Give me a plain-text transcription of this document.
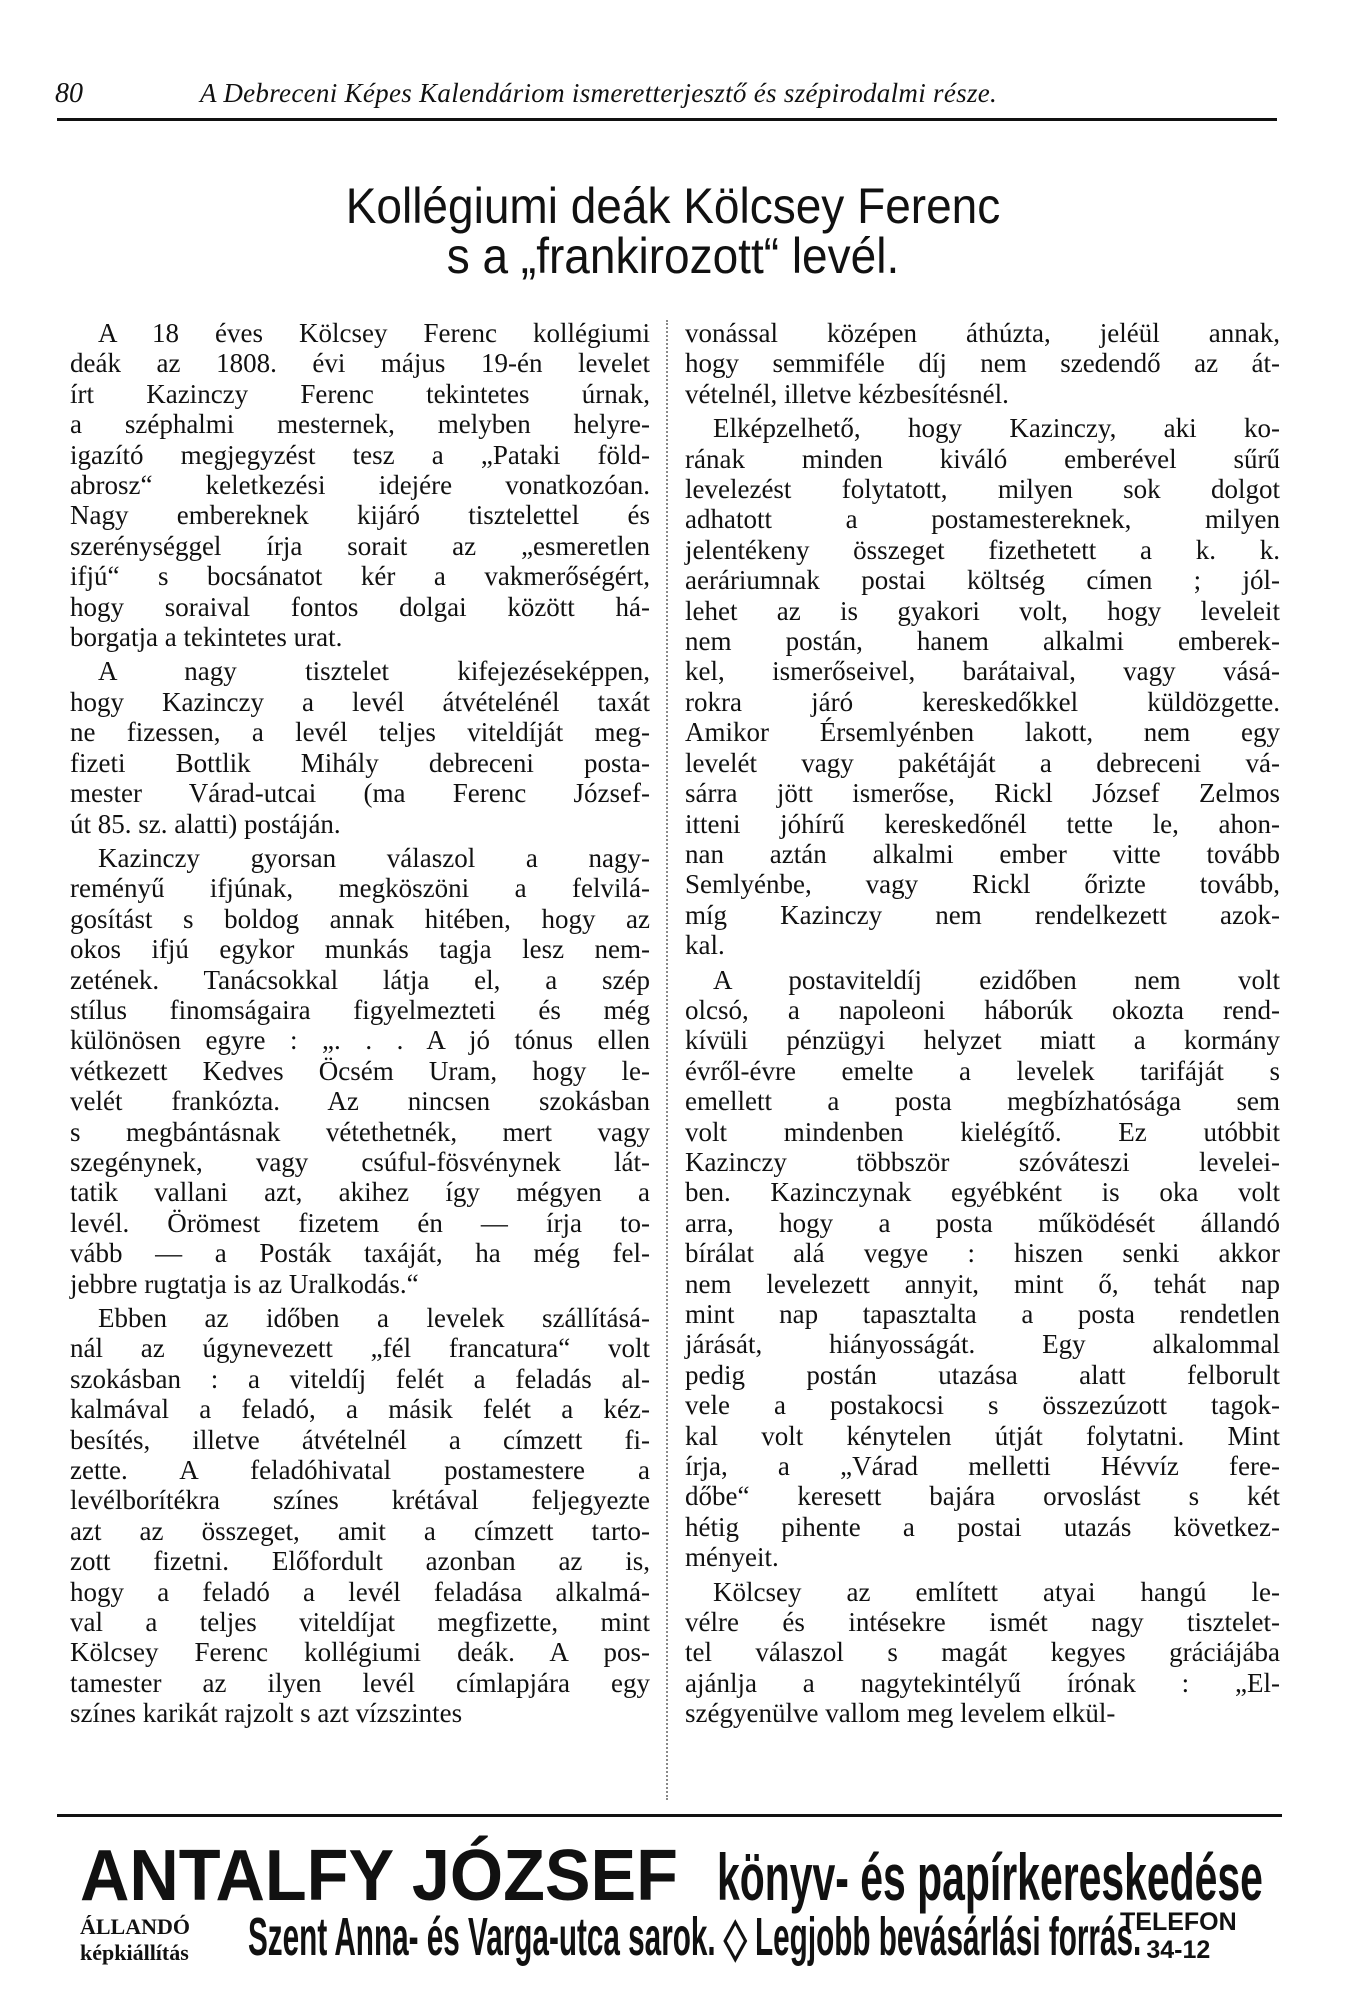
80	A Debreceni Képes Kalendáriom ismeretterjesztő és szépirodalmi része.
Kollégiumi deák Kölcsey Ferenc
s a „frankirozott“ levél.
A 18 éves Kölcsey Ferenc kollégiumi
deák az 1808. évi május 19-én levelet
írt Kazinczy Ferenc tekintetes úrnak,
a széphalmi mesternek, melyben helyre-
igazító megjegyzést tesz a „Pataki föld-
abrosz“ keletkezési idejére vonatkozóan.
Nagy embereknek kijáró tisztelettel és
szerénységgel írja sorait az „esmeretlen
ifjú“ s bocsánatot kér a vakmerőségért,
hogy soraival fontos dolgai között há-
borgatja a tekintetes urat.
A nagy tisztelet kifejezéseképpen,
hogy Kazinczy a levél átvételénél taxát
ne fizessen, a levél teljes viteldíját meg-
fizeti Bottlik Mihály debreceni posta-
mester Várad-utcai (ma Ferenc József-
út 85. sz. alatti) postáján.
Kazinczy gyorsan válaszol a nagy-
reményű ifjúnak, megköszöni a felvilá-
gosítást s boldog annak hitében, hogy az
okos ifjú egykor munkás tagja lesz nem-
zetének. Tanácsokkal látja el, a szép
stílus finomságaira figyelmezteti és még
különösen egyre : „. . . A jó tónus ellen
vétkezett Kedves Öcsém Uram, hogy le-
velét frankózta. Az nincsen szokásban
s megbántásnak vétethetnék, mert vagy
szegénynek, vagy csúful-fösvénynek lát-
tatik vallani azt, akihez így mégyen a
levél. Örömest fizetem én — írja to-
vább — a Posták taxáját, ha még fel-
jebbre rugtatja is az Uralkodás.“
Ebben az időben a levelek szállításá-
nál az úgynevezett „fél francatura“ volt
szokásban : a viteldíj felét a feladás al-
kalmával a feladó, a másik felét a kéz-
besítés, illetve átvételnél a címzett fi-
zette. A feladóhivatal postamestere a
levélborítékra színes krétával feljegyezte
azt az összeget, amit a címzett tarto-
zott fizetni. Előfordult azonban az is,
hogy a feladó a levél feladása alkalmá-
val a teljes viteldíjat megfizette, mint
Kölcsey Ferenc kollégiumi deák. A pos-
tamester az ilyen levél címlapjára egy
színes karikát rajzolt s azt vízszintes
vonással középen áthúzta, jeléül annak,
hogy semmiféle díj nem szedendő az át-
vételnél, illetve kézbesítésnél.
Elképzelhető, hogy Kazinczy, aki ko-
rának minden kiváló emberével sűrű
levelezést folytatott, milyen sok dolgot
adhatott a postamestereknek, milyen
jelentékeny összeget fizethetett a k. k.
aeráriumnak postai költség címen ; jól-
lehet az is gyakori volt, hogy leveleit
nem postán, hanem alkalmi emberek-
kel, ismerőseivel, barátaival, vagy vásá-
rokra járó kereskedőkkel küldözgette.
Amikor Érsemlyénben lakott, nem egy
levelét vagy pakétáját a debreceni vá-
sárra jött ismerőse, Rickl József Zelmos
itteni jóhírű kereskedőnél tette le, ahon-
nan aztán alkalmi ember vitte tovább
Semlyénbe, vagy Rickl őrizte tovább,
míg Kazinczy nem rendelkezett azok-
kal.
A postaviteldíj ezidőben nem volt
olcsó, a napoleoni háborúk okozta rend-
kívüli pénzügyi helyzet miatt a kormány
évről-évre emelte a levelek tarifáját s
emellett a posta megbízhatósága sem
volt mindenben kielégítő. Ez utóbbit
Kazinczy többször szóváteszi levelei-
ben. Kazinczynak egyébként is oka volt
arra, hogy a posta működését állandó
bírálat alá vegye : hiszen senki akkor
nem levelezett annyit, mint ő, tehát nap
mint nap tapasztalta a posta rendetlen
járását, hiányosságát. Egy alkalommal
pedig postán utazása alatt felborult
vele a postakocsi s összezúzott tagok-
kal volt kénytelen útját folytatni. Mint
írja, a „Várad melletti Hévvíz fere-
dőbe“ keresett bajára orvoslást s két
hétig pihente a postai utazás következ-
ményeit.
Kölcsey az említett atyai hangú le-
vélre és intésekre ismét nagy tisztelet-
tel válaszol s magát kegyes gráciájába
ajánlja a nagytekintélyű írónak : „El-
szégyenülve vallom meg levelem elkül-
ANTALFY JÓZSEF könyv- és papírkereskedése
ÁLLANDÓ
képkiállítás Szent Anna- és Varga-utca sarok. ◇ Legjobb bevásárlási forrás.
TELEFON
34-12
